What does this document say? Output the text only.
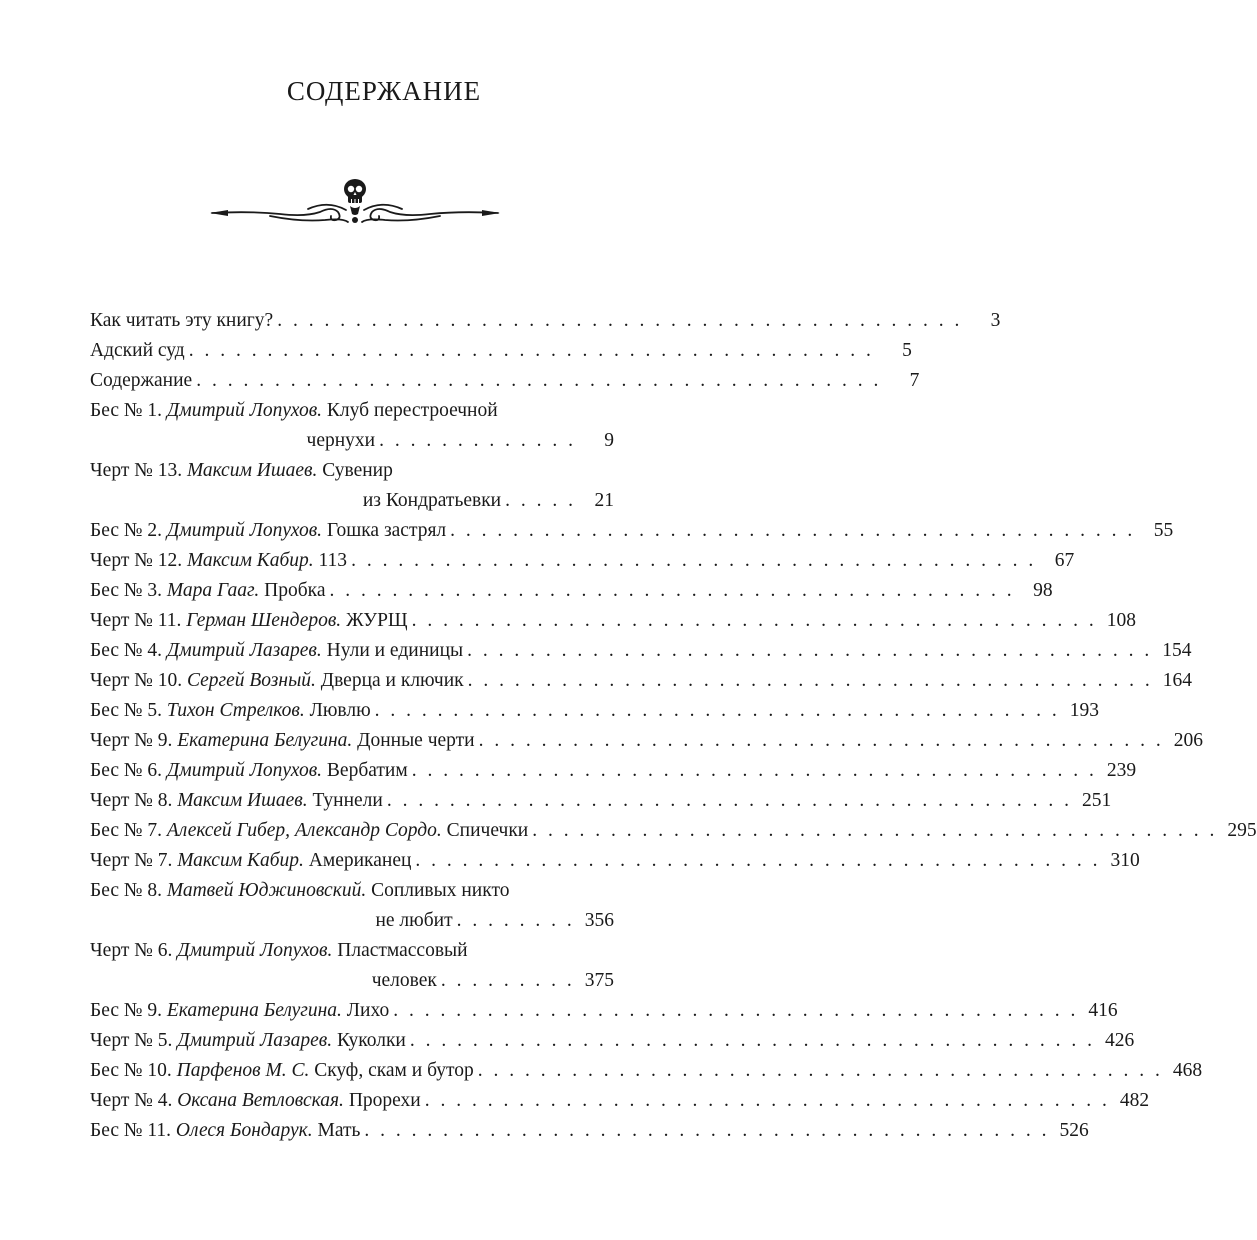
СОДЕРЖАНИЕ
Как читать эту книгу? . . . . . . . . . . . . . . . . . . . . . . . . . . . . . . . . . . . . . . . . . . . .	3
Адский суд . . . . . . . . . . . . . . . . . . . . . . . . . . . . . . . . . . . . . . . . . . . .	5
Содержание . . . . . . . . . . . . . . . . . . . . . . . . . . . . . . . . . . . . . . . . . . . .	7
Бес № 1. Дмитрий Лопухов. Клуб перестроечной
чернухи . . . . . . . . . . . . .	9
Черт № 13. Максим Ишаев. Сувенир
из Кондратьевки . . . . . 21
Бес № 2. Дмитрий Лопухов. Гошка застрял . . . . . . . . . . . . . . . . . . . . . . . . . . . . . . . . . . . . . . . . . . . . 55
Черт № 12. Максим Кабир. 113 . . . . . . . . . . . . . . . . . . . . . . . . . . . . . . . . . . . . . . . . . . . . 67
Бес № 3. Мара Гааг. Пробка . . . . . . . . . . . . . . . . . . . . . . . . . . . . . . . . . . . . . . . . . . . . 98
Черт № 11. Герман Шендеров. ЖУРЩ . . . . . . . . . . . . . . . . . . . . . . . . . . . . . . . . . . . . . . . . . . . . 108
Бес № 4. Дмитрий Лазарев. Нули и единицы . . . . . . . . . . . . . . . . . . . . . . . . . . . . . . . . . . . . . . . . . . . . 154
Черт № 10. Сергей Возный. Дверца и ключик . . . . . . . . . . . . . . . . . . . . . . . . . . . . . . . . . . . . . . . . . . . . 164
Бес № 5. Тихон Стрелков. Лювлю . . . . . . . . . . . . . . . . . . . . . . . . . . . . . . . . . . . . . . . . . . . . 193
Черт № 9. Екатерина Белугина. Донные черти . . . . . . . . . . . . . . . . . . . . . . . . . . . . . . . . . . . . . . . . . . . . 206
Бес № 6. Дмитрий Лопухов. Вербатим . . . . . . . . . . . . . . . . . . . . . . . . . . . . . . . . . . . . . . . . . . . . 239
Черт № 8. Максим Ишаев. Туннели . . . . . . . . . . . . . . . . . . . . . . . . . . . . . . . . . . . . . . . . . . . . 251
Бес № 7. Алексей Гибер, Александр Сордо. Спичечки . . . . . . . . . . . . . . . . . . . . . . . . . . . . . . . . . . . . . . . . . . . . 295
Черт № 7. Максим Кабир. Американец . . . . . . . . . . . . . . . . . . . . . . . . . . . . . . . . . . . . . . . . . . . . 310
Бес № 8. Матвей Юджиновский. Сопливых никто
не любит . . . . . . . . 356
Черт № 6. Дмитрий Лопухов. Пластмассовый
человек . . . . . . . . . 375
Бес № 9. Екатерина Белугина. Лихо . . . . . . . . . . . . . . . . . . . . . . . . . . . . . . . . . . . . . . . . . . . . 416
Черт № 5. Дмитрий Лазарев. Куколки . . . . . . . . . . . . . . . . . . . . . . . . . . . . . . . . . . . . . . . . . . . . 426
Бес № 10. Парфенов М. С. Скуф, скам и бутор . . . . . . . . . . . . . . . . . . . . . . . . . . . . . . . . . . . . . . . . . . . . 468
Черт № 4. Оксана Ветловская. Прорехи . . . . . . . . . . . . . . . . . . . . . . . . . . . . . . . . . . . . . . . . . . . . 482
Бес № 11. Олеся Бондарук. Мать . . . . . . . . . . . . . . . . . . . . . . . . . . . . . . . . . . . . . . . . . . . . 526
